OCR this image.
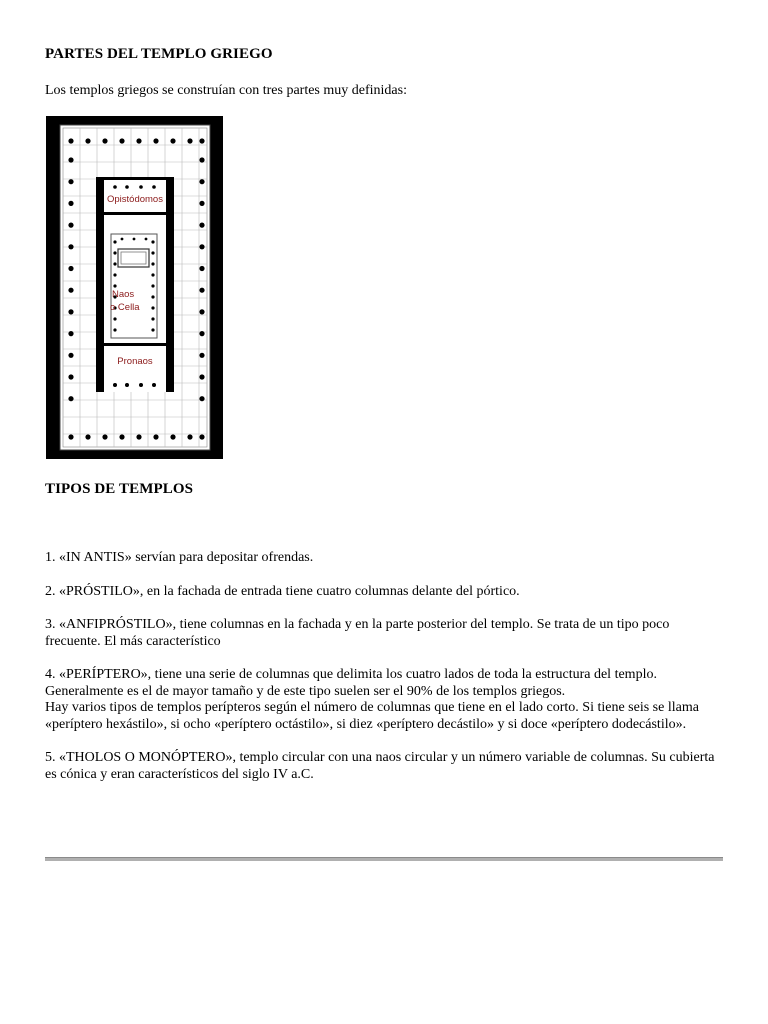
PARTES DEL TEMPLO GRIEGO
Los templos griegos se construían con tres partes muy definidas:
Opistódomos
Naos
o Cella
Pronaos
TIPOS DE TEMPLOS

1. «IN ANTIS» servían para depositar ofrendas.

2. «PRÓSTILO», en la fachada de entrada tiene cuatro columnas delante del pórtico.

3. «ANFIPRÓSTILO», tiene columnas en la fachada y en la parte posterior del templo. Se trata de un tipo poco frecuente. El más característico

4. «PERÍPTERO», tiene una serie de columnas que delimita los cuatro lados de toda la estructura del templo. Generalmente es el de mayor tamaño y de este tipo suelen ser el 90% de los templos griegos.

Hay varios tipos de templos perípteros según el número de columnas que tiene en el lado corto. Si tiene seis se llama «períptero hexástilo», si ocho «períptero octástilo», si diez «períptero decástilo» y si doce «períptero dodecástilo».

5. «THOLOS O MONÓPTERO», templo circular con una naos circular y un número variable de columnas. Su cubierta es cónica y eran característicos del siglo IV a.C.
